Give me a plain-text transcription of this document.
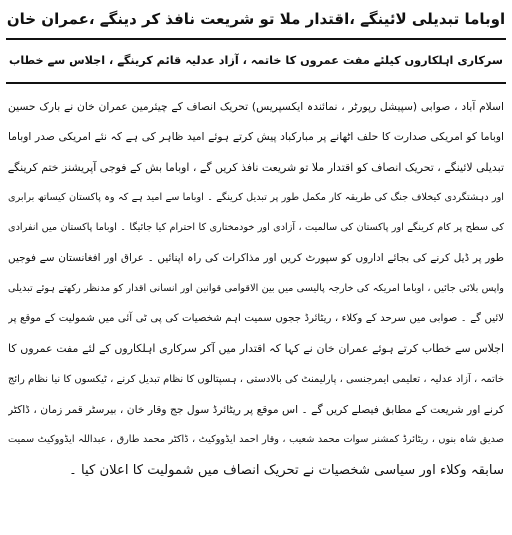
اوباما تبدیلی لائینگے ،اقتدار ملا تو شریعت نافذ کر دینگے ،عمران خان
سرکاری اہلکاروں کیلئے مفت عمروں کا خاتمہ ، آزاد عدلیہ قائم کرینگے ، اجلاس سے خطاب
اسلام آباد ، صوابی (سپیشل رپورٹر ، نمائندہ ایکسپریس) تحریک انصاف کے چیئرمین عمران خان نے بارک حسین
اوباما کو امریکی صدارت کا حلف اٹھانے پر مبارکباد پیش کرتے ہوئے امید ظاہر کی ہے کہ نئے امریکی صدر اوباما
تبدیلی لائینگے ، تحریک انصاف کو اقتدار ملا تو شریعت نافذ کریں گے ، اوباما بش کے فوجی آپریشنز ختم کرینگے
اور دہشتگردی کیخلاف جنگ کی طریقہ کار مکمل طور پر تبدیل کرینگے ۔ اوباما سے امید ہے کہ وہ پاکستان کیساتھ برابری
کی سطح پر کام کرینگے اور پاکستان کی سالمیت ، آزادی اور خودمختاری کا احترام کیا جائیگا ۔ اوباما پاکستان میں انفرادی
طور پر ڈیل کرنے کی بجائے اداروں کو سپورٹ کریں اور مذاکرات کی راہ اپنائیں ۔ عراق اور افغانستان سے فوجیں
واپس بلائی جائیں ، اوباما امریکہ کی خارجہ پالیسی میں بین الاقوامی قوانین اور انسانی اقدار کو مدنظر رکھتے ہوئے تبدیلی
لائیں گے ۔ صوابی میں سرحد کے وکلاء ، ریٹائرڈ ججوں سمیت اہم شخصیات کی پی ٹی آئی میں شمولیت کے موقع پر
اجلاس سے خطاب کرتے ہوئے عمران خان نے کہا کہ اقتدار میں آکر سرکاری اہلکاروں کے لئے مفت عمروں کا
خاتمہ ، آزاد عدلیہ ، تعلیمی ایمرجنسی ، پارلیمنٹ کی بالادستی ، ہسپتالوں کا نظام تبدیل کرنے ، ٹیکسوں کا نیا نظام رائج
کرنے اور شریعت کے مطابق فیصلے کریں گے ۔ اس موقع پر ریٹائرڈ سول جج وقار خان ، بیرسٹر قمر زمان ، ڈاکٹر
صدیق شاہ بنوں ، ریٹائرڈ کمشنر سوات محمد شعیب ، وقار احمد ایڈووکیٹ ، ڈاکٹر محمد طارق ، عبداللہ ایڈووکیٹ سمیت
سابقہ وکلاء اور سیاسی شخصیات نے تحریک انصاف میں شمولیت کا اعلان کیا ۔
